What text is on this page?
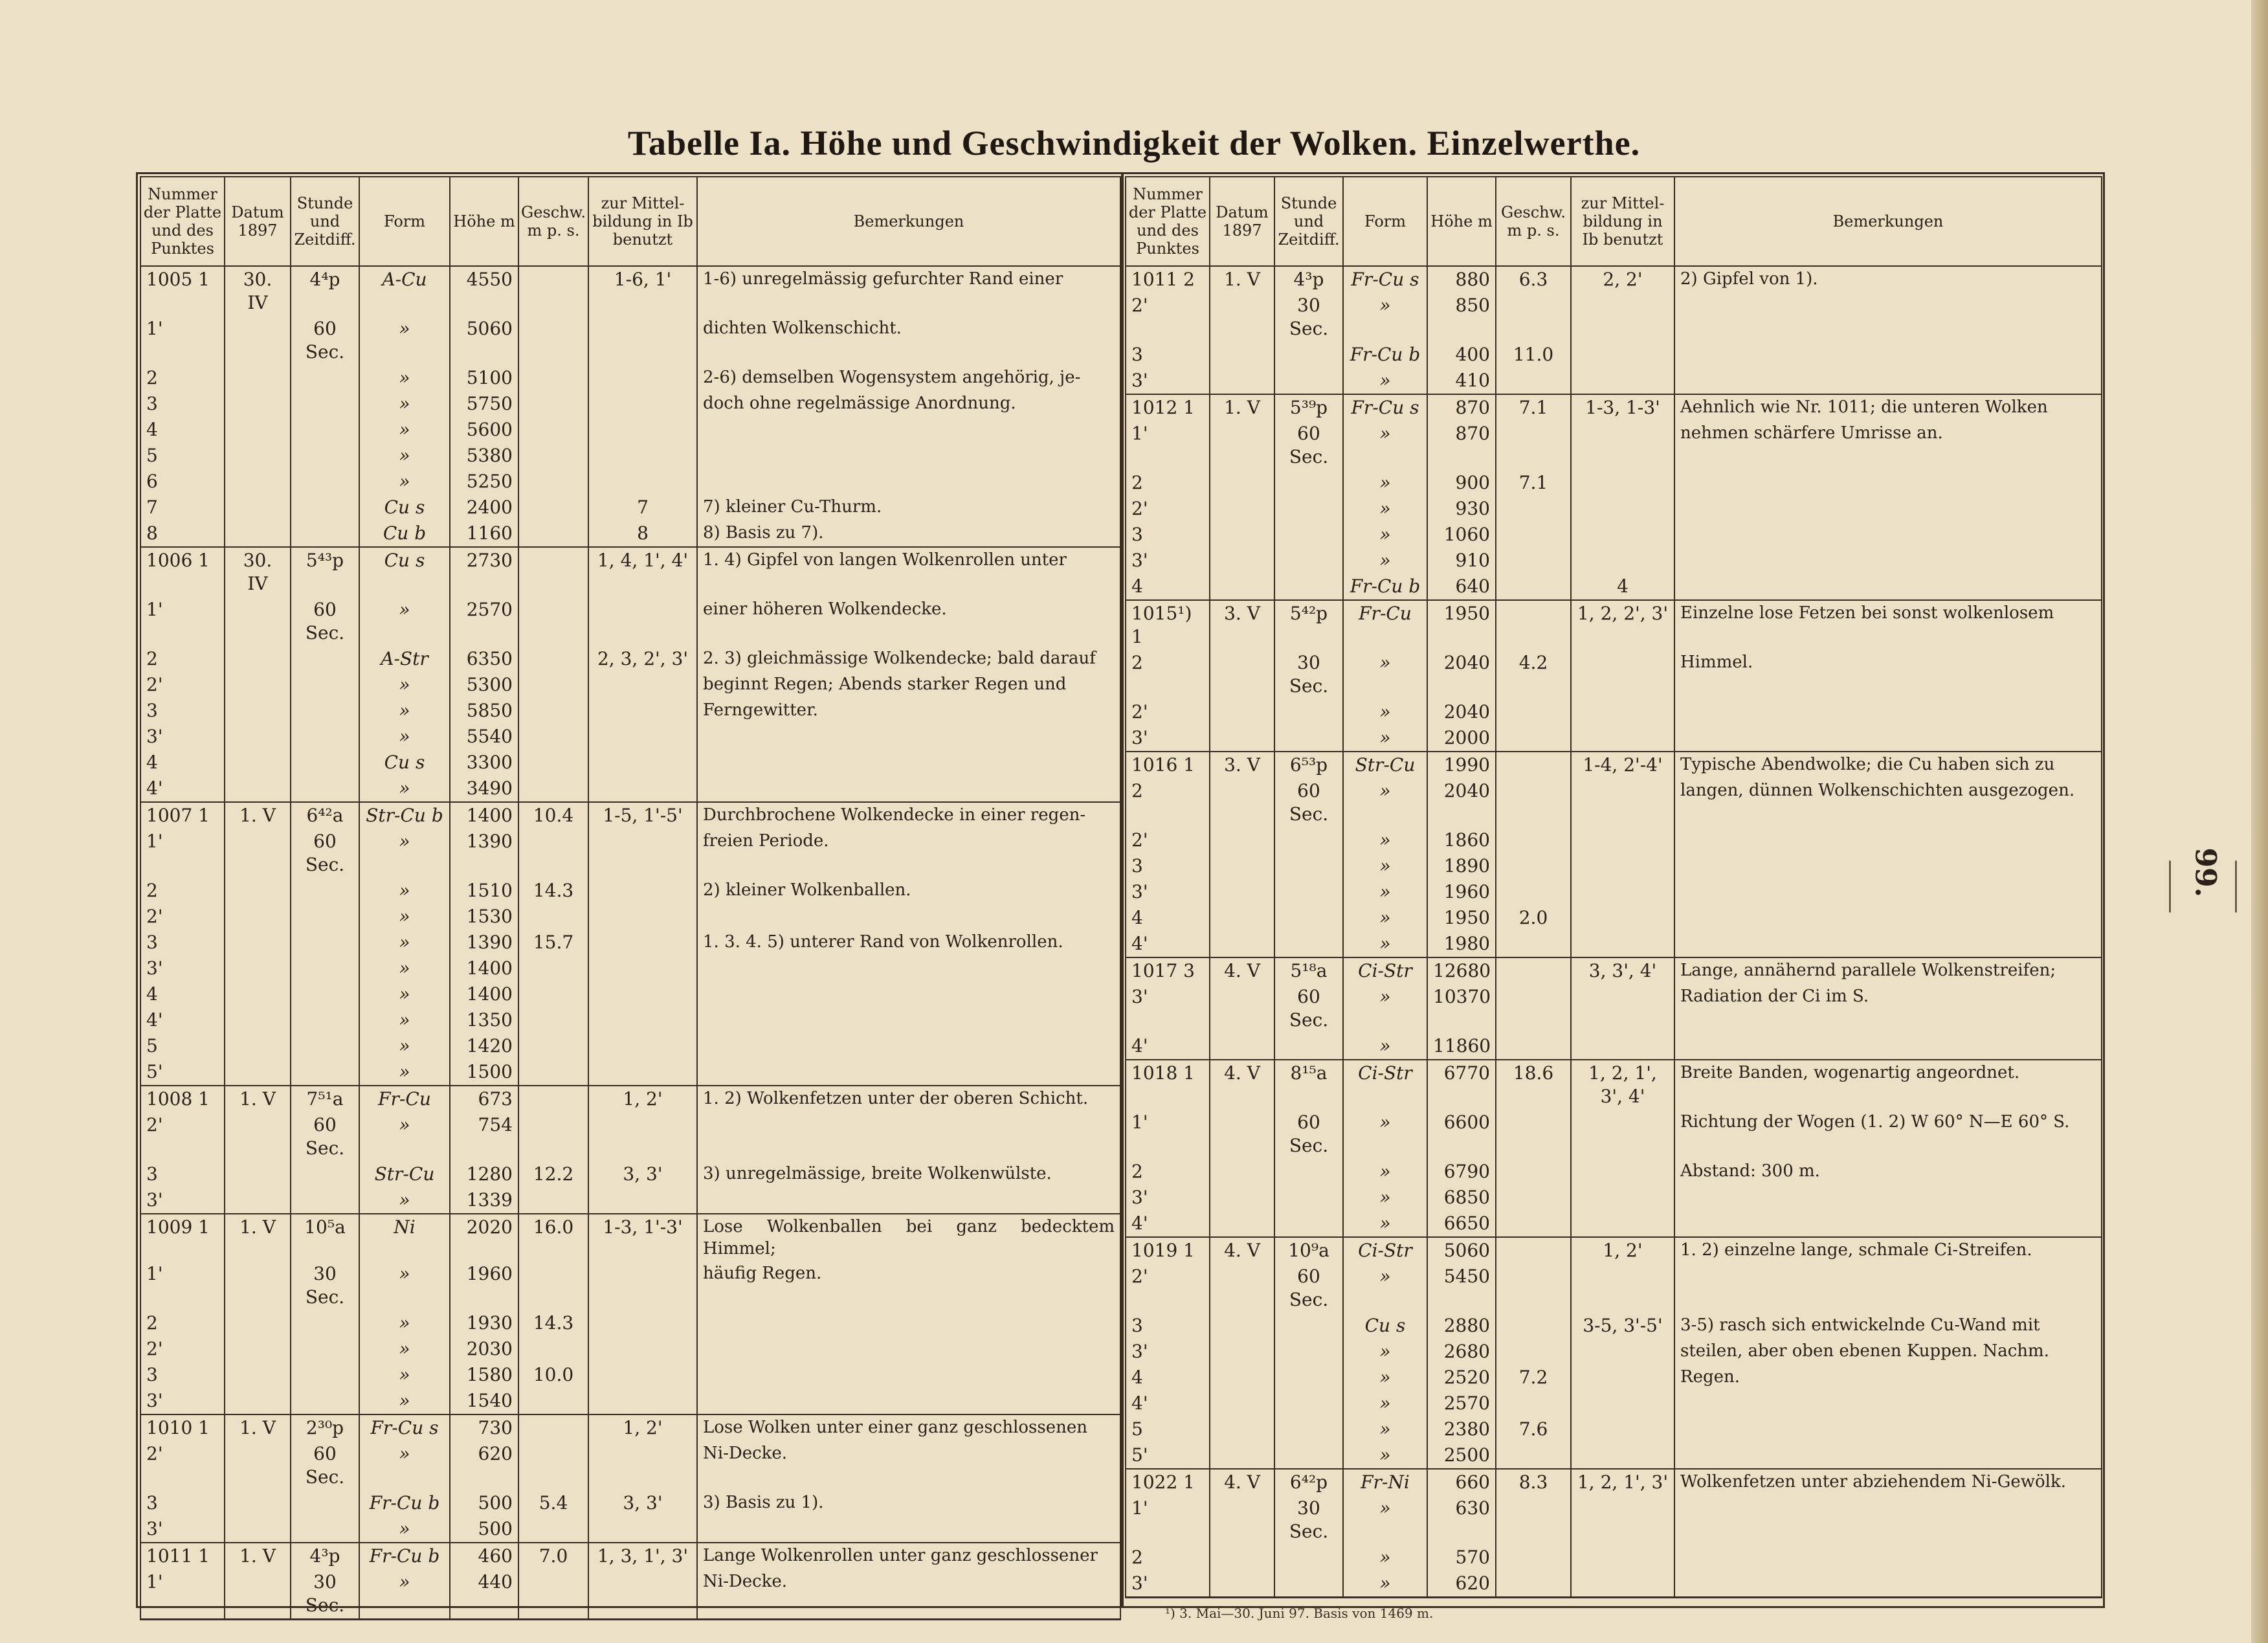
Tabelle Ia. Höhe und Geschwindigkeit der Wolken. Einzelwerthe.
Nummer der Platte und des Punktes	Datum 1897	Stunde und Zeitdiff.	Form	Höhe m	Geschw. m p. s.	zur Mittel-bildung in Ib benutzt	Bemerkungen
1005 1	30. IV	4⁴p	A-Cu	4550		1-6, 1'	1-6) unregelmässig gefurchter Rand einer
1'		60 Sec.	»	5060			dichten Wolkenschicht.
2			»	5100			2-6) demselben Wogensystem angehörig, je-
3			»	5750			doch ohne regelmässige Anordnung.
4			»	5600			
5			»	5380			
6			»	5250			
7			Cu s	2400		7	7) kleiner Cu-Thurm.
8			Cu b	1160		8	8) Basis zu 7).
1006 1	30. IV	5⁴³p	Cu s	2730		1, 4, 1', 4'	1. 4) Gipfel von langen Wolkenrollen unter
1'		60 Sec.	»	2570			einer höheren Wolkendecke.
2			A-Str	6350		2, 3, 2', 3'	2. 3) gleichmässige Wolkendecke; bald darauf
2'			»	5300			beginnt Regen; Abends starker Regen und
3			»	5850			Ferngewitter.
3'			»	5540			
4			Cu s	3300			
4'			»	3490			
1007 1	1. V	6⁴²a	Str-Cu b	1400	10.4	1-5, 1'-5'	Durchbrochene Wolkendecke in einer regen-
1'		60 Sec.	»	1390			freien Periode.
2			»	1510	14.3		2) kleiner Wolkenballen.
2'			»	1530			
3			»	1390	15.7		1. 3. 4. 5) unterer Rand von Wolkenrollen.
3'			»	1400			
4			»	1400			
4'			»	1350			
5			»	1420			
5'			»	1500			
1008 1	1. V	7⁵¹a	Fr-Cu	673		1, 2'	1. 2) Wolkenfetzen unter der oberen Schicht.
2'		60 Sec.	»	754			
3			Str-Cu	1280	12.2	3, 3'	3) unregelmässige, breite Wolkenwülste.
3'			»	1339			
1009 1	1. V	10⁵a	Ni	2020	16.0	1-3, 1'-3'	Lose Wolkenballen bei ganz bedecktem Himmel;
1'		30 Sec.	»	1960			häufig Regen.
2			»	1930	14.3		
2'			»	2030			
3			»	1580	10.0		
3'			»	1540			
1010 1	1. V	2³⁰p	Fr-Cu s	730		1, 2'	Lose Wolken unter einer ganz geschlossenen
2'		60 Sec.	»	620			Ni-Decke.
3			Fr-Cu b	500	5.4	3, 3'	3) Basis zu 1).
3'			»	500			
1011 1	1. V	4³p	Fr-Cu b	460	7.0	1, 3, 1', 3'	Lange Wolkenrollen unter ganz geschlossener
1'		30 Sec.	»	440			Ni-Decke.
Nummer der Platte und des Punktes	Datum 1897	Stunde und Zeitdiff.	Form	Höhe m	Geschw. m p. s.	zur Mittel-bildung in Ib benutzt	Bemerkungen
1011 2	1. V	4³p	Fr-Cu s	880	6.3	2, 2'	2) Gipfel von 1).
2'		30 Sec.	»	850			
3			Fr-Cu b	400	11.0		
3'			»	410			
1012 1	1. V	5³⁹p	Fr-Cu s	870	7.1	1-3, 1-3'	Aehnlich wie Nr. 1011; die unteren Wolken
1'		60 Sec.	»	870			nehmen schärfere Umrisse an.
2			»	900	7.1		
2'			»	930			
3			»	1060			
3'			»	910			
4			Fr-Cu b	640		4	
1015¹) 1	3. V	5⁴²p	Fr-Cu	1950		1, 2, 2', 3'	Einzelne lose Fetzen bei sonst wolkenlosem
2		30 Sec.	»	2040	4.2		Himmel.
2'			»	2040			
3'			»	2000			
1016 1	3. V	6⁵³p	Str-Cu	1990		1-4, 2'-4'	Typische Abendwolke; die Cu haben sich zu
2		60 Sec.	»	2040			langen, dünnen Wolkenschichten ausgezogen.
2'			»	1860			
3			»	1890			
3'			»	1960			
4			»	1950	2.0		
4'			»	1980			
1017 3	4. V	5¹⁸a	Ci-Str	12680		3, 3', 4'	Lange, annähernd parallele Wolkenstreifen;
3'		60 Sec.	»	10370			Radiation der Ci im S.
4'			»	11860			
1018 1	4. V	8¹⁵a	Ci-Str	6770	18.6	1, 2, 1', 3', 4'	Breite Banden, wogenartig angeordnet.
1'		60 Sec.	»	6600			Richtung der Wogen (1. 2) W 60° N—E 60° S.
2			»	6790			Abstand: 300 m.
3'			»	6850			
4'			»	6650			
1019 1	4. V	10⁹a	Ci-Str	5060		1, 2'	1. 2) einzelne lange, schmale Ci-Streifen.
2'		60 Sec.	»	5450			
3			Cu s	2880		3-5, 3'-5'	3-5) rasch sich entwickelnde Cu-Wand mit
3'			»	2680			steilen, aber oben ebenen Kuppen. Nachm.
4			»	2520	7.2		Regen.
4'			»	2570			
5			»	2380	7.6		
5'			»	2500			
1022 1	4. V	6⁴²p	Fr-Ni	660	8.3	1, 2, 1', 3'	Wolkenfetzen unter abziehendem Ni-Gewölk.
1'		30 Sec.	»	630			
2			»	570			
3'			»	620			
¹) 3. Mai—30. Juni 97. Basis von 1469 m.
99.
